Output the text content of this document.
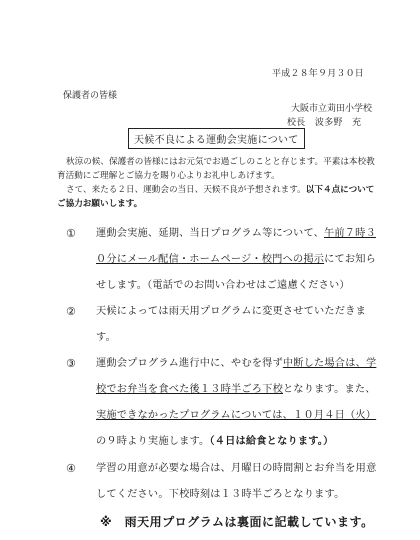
平成２８年９月３０日
保護者の皆様
大阪市立苅田小学校
校長　波多野　充
天候不良による運動会実施について

秋涼の候、保護者の皆様にはお元気でお過ごしのことと存じます。平素は本校教育活動にご理解とご協力を賜り心よりお礼申しあげます。

さて、来たる２日、運動会の当日、天候不良が予想されます。以下４点についてご協力お願いします。

① 運動会実施、延期、当日プログラム等について、午前７時３０分にメール配信・ホームページ・校門への掲示にてお知らせします。（電話でのお問い合わせはご遠慮ください）
② 天候によっては雨天用プログラムに変更させていただきます。
③ 運動会プログラム進行中に、やむを得ず中断した場合は、学校でお弁当を食べた後１３時半ごろ下校となります。また、実施できなかったプログラムについては、１０月４日（火）の９時より実施します。（４日は給食となります。）
④ 学習の用意が必要な場合は、月曜日の時間割とお弁当を用意してください。下校時刻は１３時半ごろとなります。
※　雨天用プログラムは裏面に記載しています。
